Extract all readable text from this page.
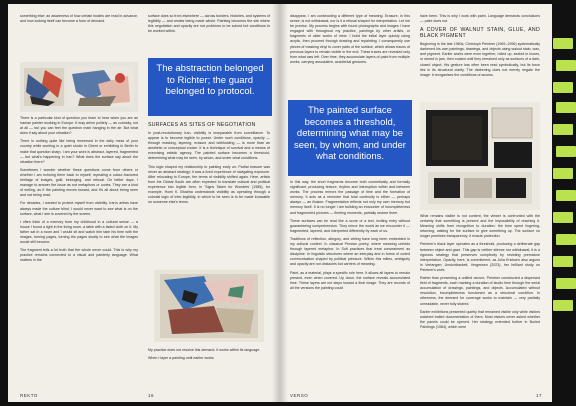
something else: an awareness of how certain bodies are read in advance, and how looking itself can become a form of demand.

There is a particular kind of question you learn to hear when you are an Iranian painter working in Europe. It may arrive politely — as curiosity, not at all — but you can feel the question mark hanging in the air: But what does it say about your situation?

There is nothing quite like being immersed in the daily mess of your country while working in a quiet studio in Ghent or exhibiting in Berlin to make that question sharp. I am your work is abstract, layered, fragmented — but what's happening in Iran? What does the surface say about the situation there?

Sometimes I wonder whether these questions come from others or whether I am echoing them back to myself, repeating a colour-fractured heritage of images, guilt, belonging, and refusal. On better days, I manage to answer the issue as not metaphors or codes. They are a kind of writing, as if the painting moves toward, and it's all about being seen and not being read.

For decades, I wanted to protect myself from visibility. Iran's artists have always made the culture blind. I would never want to see what is on the surface, what I see is covered by the screen.

I often think of a memory from my childhood in a cultural sense — a house I found a light in the living room, a table with a faded cloth on it. My father sat in a room and I would sit and watch him take his time with the images, turning pages, turning the pages slowly to see what the images would still become.

The fragment tells a lot truth that the whole never could. This is why my practice remains connected to a visual and painterly language. What matters in the

surface does so from elsewhere — across borders, histories, and systems of legibility — and resists being made whole. Painting becomes the site where this negotiation and opacity are not problems to be solved but conditions to be worked within.

The abstraction belonged to Richter; the guard belonged to protocol.
SURFACES AS SITES OF NEGOTIATION

In post-revolutionary Iran, visibility is inseparable from surveillance. To appear is to become legible to power. Under such conditions, opacity — through masking, layering, erasure and withholding — is more than an aesthetic or conceptual choice. It is a technique of survival and a means of exercising artistic agency. The painted surface becomes a threshold, determining what may be seen, by whom, and under what conditions.

This logic shaped my relationship to painting early on. Partial erasure was never an abstract strategy; it was a lived experience of navigating exposure. After relocating to Europe, the terms of visibility shifted again. Here, artists from the Global South are often expected to translate cultural and political experience into legible form. In 'Signs Taken for Wonders' (1985), for example, Homi K. Bhabha understands visibility as operating through a colonial logic of inter-legibility, in which to be seen is to be made knowable on someone else's terms.

My practice does not resolve this demand. It works within its language.

When I layer a painting until earlier works

REKTO	16

disappear, I am constructing a different type of meaning. Erasure, in this sense, is not withdrawal, nor is it a refusal shaped for interpretation. Let me be precise. My process begins with found photographs and images I have engaged with throughout my practice, paintings by other artists, or fragments of older works of mine. I build the initial layer quickly using acrylic, then proceed through drawing and repainting. I consequently use pieces of masking vinyl to cover parts of the surface, which allows traces of previous layers to remain visible in the end. These traces are revealed only from what was left. Over time, they accumulate layers of paint from multiple works, carrying associative, accidental gestures.

The painted surface becomes a threshold, determining what may be seen, by whom, and under what conditions.

In this way, the short fragments become both cosmetically and formally significant, producing texture, rhythm and interruption within and between works. The process mirrors the passage of time and the formation of memory. It acts as a reminder that total continuity is either — perhaps always — an illusion. Fragmentation reflects not only my own memory but memory itself. It is no longer I am building an encounter of incompleteness and fragmented pictures — fleeting moments, partially restore them.

These surfaces can be read like a score or a text, inviting entry without guaranteeing comprehension. They mirror the world as we encounter it — fragmented, layered, and interpreted differently by each of us.

Traditions of reflection, allegory, and veiling have long been embedded in my cultural context. In classical Persian poetry, where meaning unfolds through layered metaphor. In Sufi practices that treat concealment as discipline. In linguistic structures where an interplay and in forms of coded communication shaped by political pressure. Within this milieu, ambiguity and opacity are not obstacles but carriers of meaning.

Paint, as a material, plays a specific role here. It allows all layers to remain present, even when covered. Up close, the surface reveals accumulated time. These layers are not steps toward a final image. They are records of all the versions the painting could

have been. This is why I work with paint. Language demands conclusions — paint does not.

A COVER OF WALNUT STAIN, GLUE, AND BLACK PIGMENT

Beginning in the late 1960s, Christoph Peintner (1969–1996) systematically darkened his own paintings, drawings, and objects using walnut stain, wax, and pigment. Earlier works were even together, rolled up, sealed in boxes, or stored in jars, then coated until they remained only as surfaces of a dark, closed object. His gesture has often been read symbolically, but its force lies in its structural clarity. The darkening does not merely negate the image: it reorganises the conditions of access.

What remains visible is not content; the viewer is confronted with the certainty that something is present and the impossibility of reaching it. Meaning shifts from recognition to duration: the time spent lingering, returning, waiting for the surface to give something up. The surface no longer promises transparency; it enacts protection.

Peintner's black layer operates as a threshold, producing a deliberate gap between object and gaze. This gap is neither silence nor withdrawal; it is a rigorous strategy that preserves complexity by resisting premature interpretation. Opacity, here, is commitment, as Julia Ericksen also argues in Verlangen; Unsichtbarkeit, Vergessen (2023), her brilliant study on Peintner's work.

Rather than presenting a unified oeuvre, Peintner constructed a dispersed field of fragments, each marking a duration of studio time through the serial accumulation of drawings, paintings, and objects. Accumulated without resolution, incompleteness functioned as a structural condition. In otherness, the demand for coverage works to maintain — very partially unreadable, never fully shared.

Earlier exhibitions presented quietly that remained visible only while visitors watched trailed documentation of them. Most visitors never asked whether the panels could be opened. Her strategy extended further in Buried Paintings (1984), which were

VERSO	17
